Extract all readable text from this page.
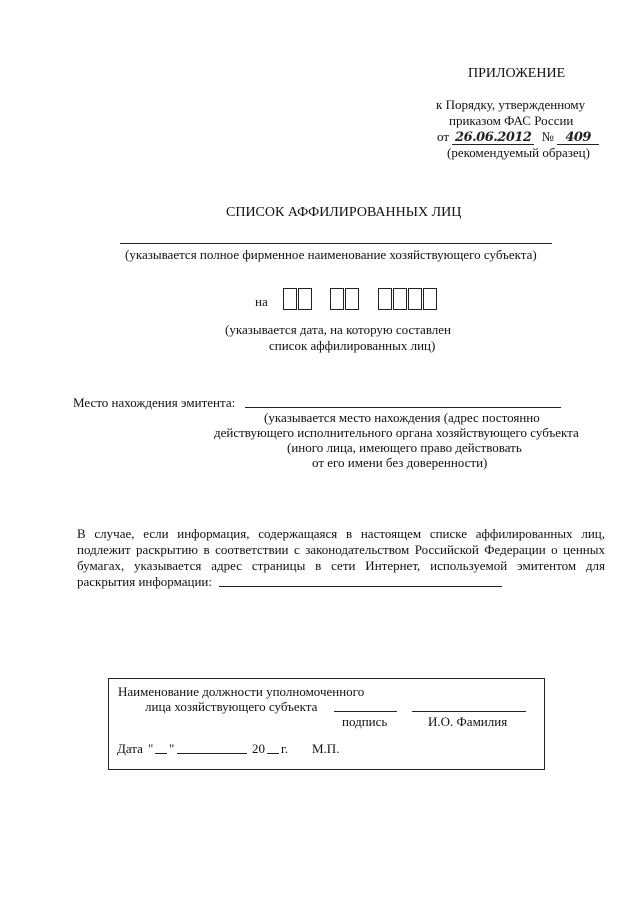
ПРИЛОЖЕНИЕ
к Порядку, утвержденному
приказом ФАС России
от 26.06.2012 № 409
(рекомендуемый образец)
СПИСОК АФФИЛИРОВАННЫХ ЛИЦ
(указывается полное фирменное наименование хозяйствующего субъекта)
на
(указывается дата, на которую составлен
список аффилированных лиц)
Место нахождения эмитента:
(указывается место нахождения (адрес постоянно
действующего исполнительного органа хозяйствующего субъекта
(иного лица, имеющего право действовать
от его имени без доверенности)
В случае, если информация, содержащаяся в настоящем списке аффилированных лиц,
подлежит раскрытию в соответствии с законодательством Российской Федерации о ценных
бумагах, указывается адрес страницы в сети Интернет, используемой эмитентом для
раскрытия информации:
Наименование должности уполномоченного
лица хозяйствующего субъекта
подпись	И.О. Фамилия
Дата " "	20 г. М.П.
